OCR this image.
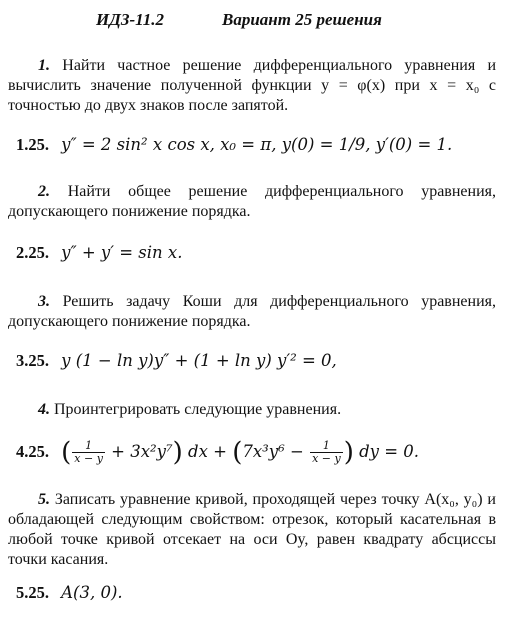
ИДЗ-11.2	Вариант 25 решения
1. Найти частное решение дифференциального уравнения и вычислить значение полученной функции y = φ(x) при x = x₀ с точностью до двух знаков после запятой.
1.25. y″ = 2 sin² x cos x, x₀ = π, y(0) = 1/9, y′(0) = 1.
2. Найти общее решение дифференциального уравнения, допускающего понижение порядка.
2.25. y″ + y′ = sin x.
3. Решить задачу Коши для дифференциального уравнения, допускающего понижение порядка.
3.25. y (1 − ln y)y″ + (1 + ln y) y′² = 0,
4. Проинтегрировать следующие уравнения.
4.25. ( $\frac{1}{x - y} + 3x^2y^7$) dx + ($7x^3y^6 - \frac{1}{x - y}$ ) dy = 0.
5. Записать уравнение кривой, проходящей через точку A(x₀, y₀) и обладающей следующим свойством: отрезок, который касательная в любой точке кривой отсекает на оси Oy, равен квадрату абсциссы точки касания.
5.25. A(3, 0).
